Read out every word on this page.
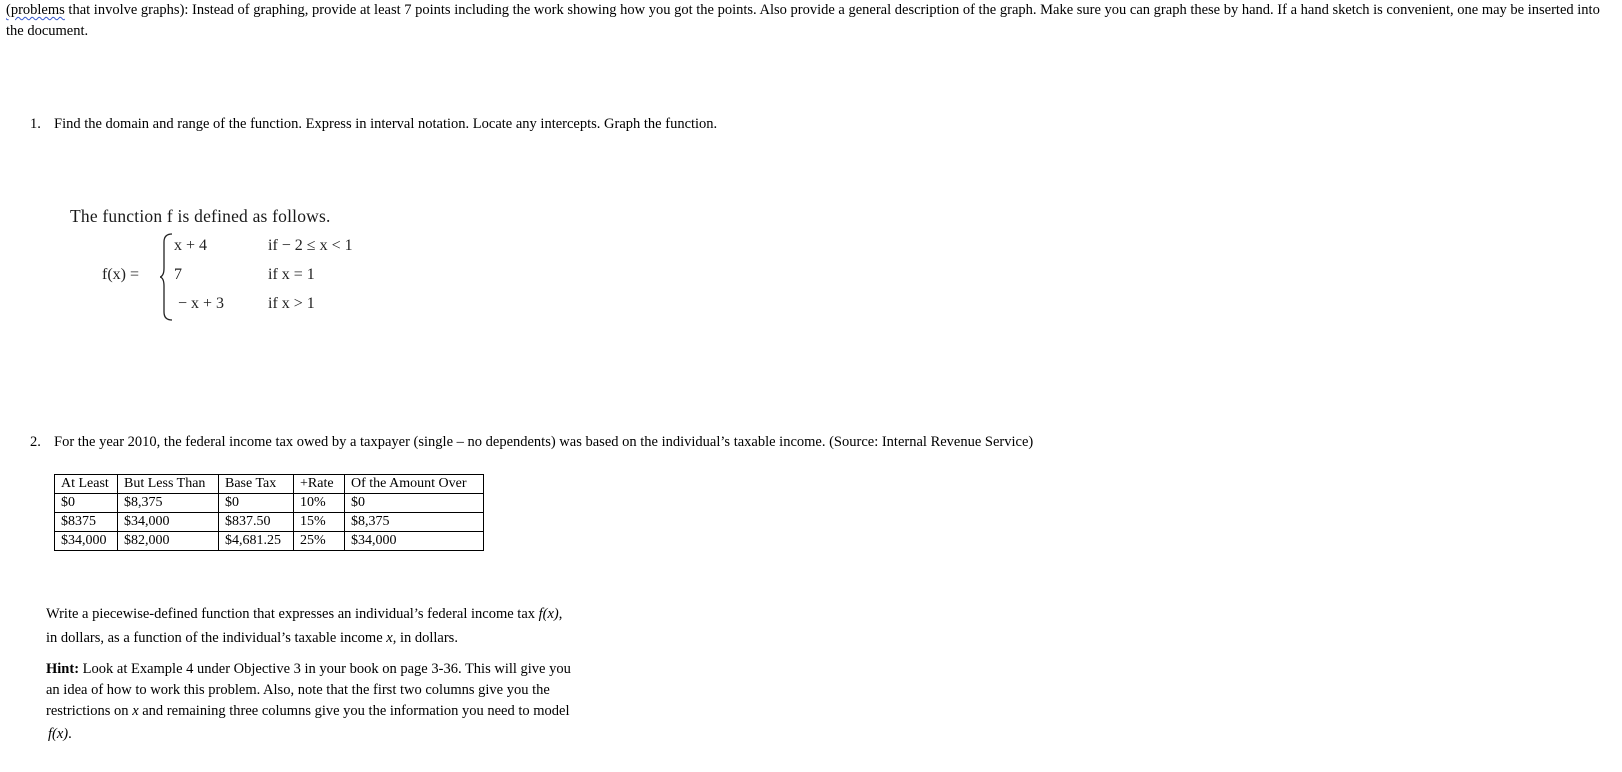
(problems that involve graphs): Instead of graphing, provide at least 7 points including the work showing how you got the points. Also provide a general description of the graph. Make sure you can graph these by hand. If a hand sketch is convenient, one may be inserted into the document.
1. Find the domain and range of the function. Express in interval notation. Locate any intercepts. Graph the function.
The function f is defined as follows.
f(x) =
x + 4	if − 2 ≤ x < 1
7	if x = 1
− x + 3	if x > 1
2. For the year 2010, the federal income tax owed by a taxpayer (single – no dependents) was based on the individual’s taxable income. (Source: Internal Revenue Service)
At Least	But Less Than	Base Tax	+Rate	Of the Amount Over
$0	$8,375	$0	10%	$0
$8375	$34,000	$837.50	15%	$8,375
$34,000	$82,000	$4,681.25	25%	$34,000
Write a piecewise-defined function that expresses an individual’s federal income tax f(x),
in dollars, as a function of the individual’s taxable income x, in dollars.
Hint: Look at Example 4 under Objective 3 in your book on page 3-36. This will give you
an idea of how to work this problem. Also, note that the first two columns give you the
restrictions on x and remaining three columns give you the information you need to model
f(x).
